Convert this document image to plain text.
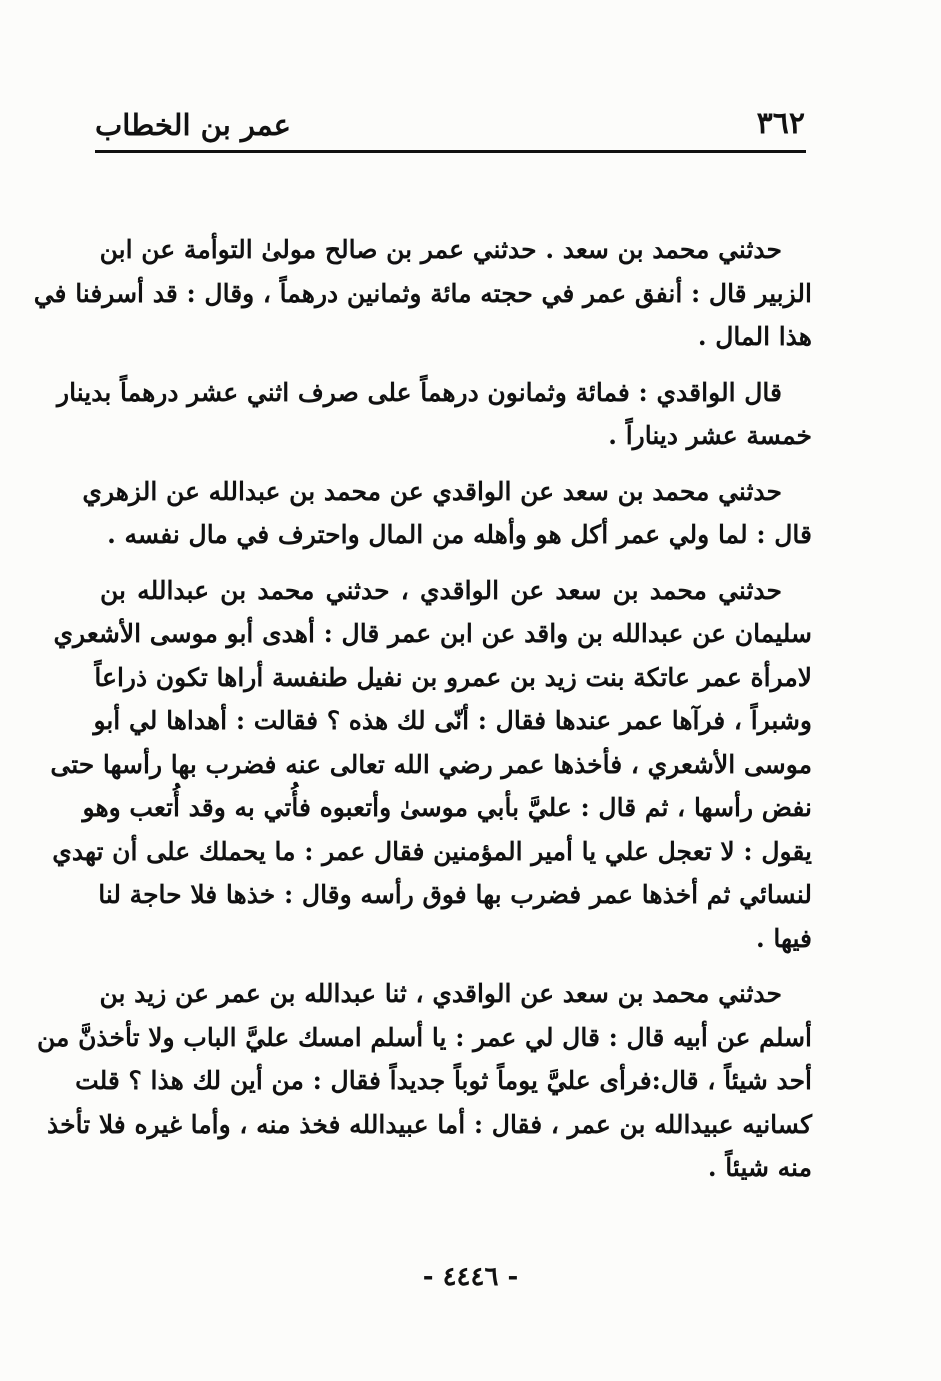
٣٦٢
عمر بن الخطاب
حدثني محمد بن سعد . حدثني عمر بن صالح مولىٰ التوأمة عن ابن
الزبير قال : أنفق عمر في حجته مائة وثمانين درهماً ، وقال : قد أسرفنا في
هذا المال .
قال الواقدي : فمائة وثمانون درهماً على صرف اثني عشر درهماً بدينار
خمسة عشر ديناراً .
حدثني محمد بن سعد عن الواقدي عن محمد بن عبدالله عن الزهري
قال : لما ولي عمر أكل هو وأهله من المال واحترف في مال نفسه .
حدثني محمد بن سعد عن الواقدي ، حدثني محمد بن عبدالله بن
سليمان عن عبدالله بن واقد عن ابن عمر قال : أهدى أبو موسى الأشعري
لامرأة عمر عاتكة بنت زيد بن عمرو بن نفيل طنفسة أراها تكون ذراعاً
وشبراً ، فرآها عمر عندها فقال : أنّى لك هذه ؟ فقالت : أهداها لي أبو
موسى الأشعري ، فأخذها عمر رضي الله تعالى عنه فضرب بها رأسها حتى
نفض رأسها ، ثم قال : عليَّ بأبي موسىٰ وأتعبوه فأُتي به وقد أُتعب وهو
يقول : لا تعجل علي يا أمير المؤمنين فقال عمر : ما يحملك على أن تهدي
لنسائي ثم أخذها عمر فضرب بها فوق رأسه وقال : خذها فلا حاجة لنا
فيها .
حدثني محمد بن سعد عن الواقدي ، ثنا عبدالله بن عمر عن زيد بن
أسلم عن أبيه قال : قال لي عمر : يا أسلم امسك عليَّ الباب ولا تأخذنَّ من
أحد شيئاً ، قال:فرأى عليَّ يوماً ثوباً جديداً فقال : من أين لك هذا ؟ قلت
كسانيه عبيدالله بن عمر ، فقال : أما عبيدالله فخذ منه ، وأما غيره فلا تأخذ
منه شيئاً .
- ٤٤٤٦ -
